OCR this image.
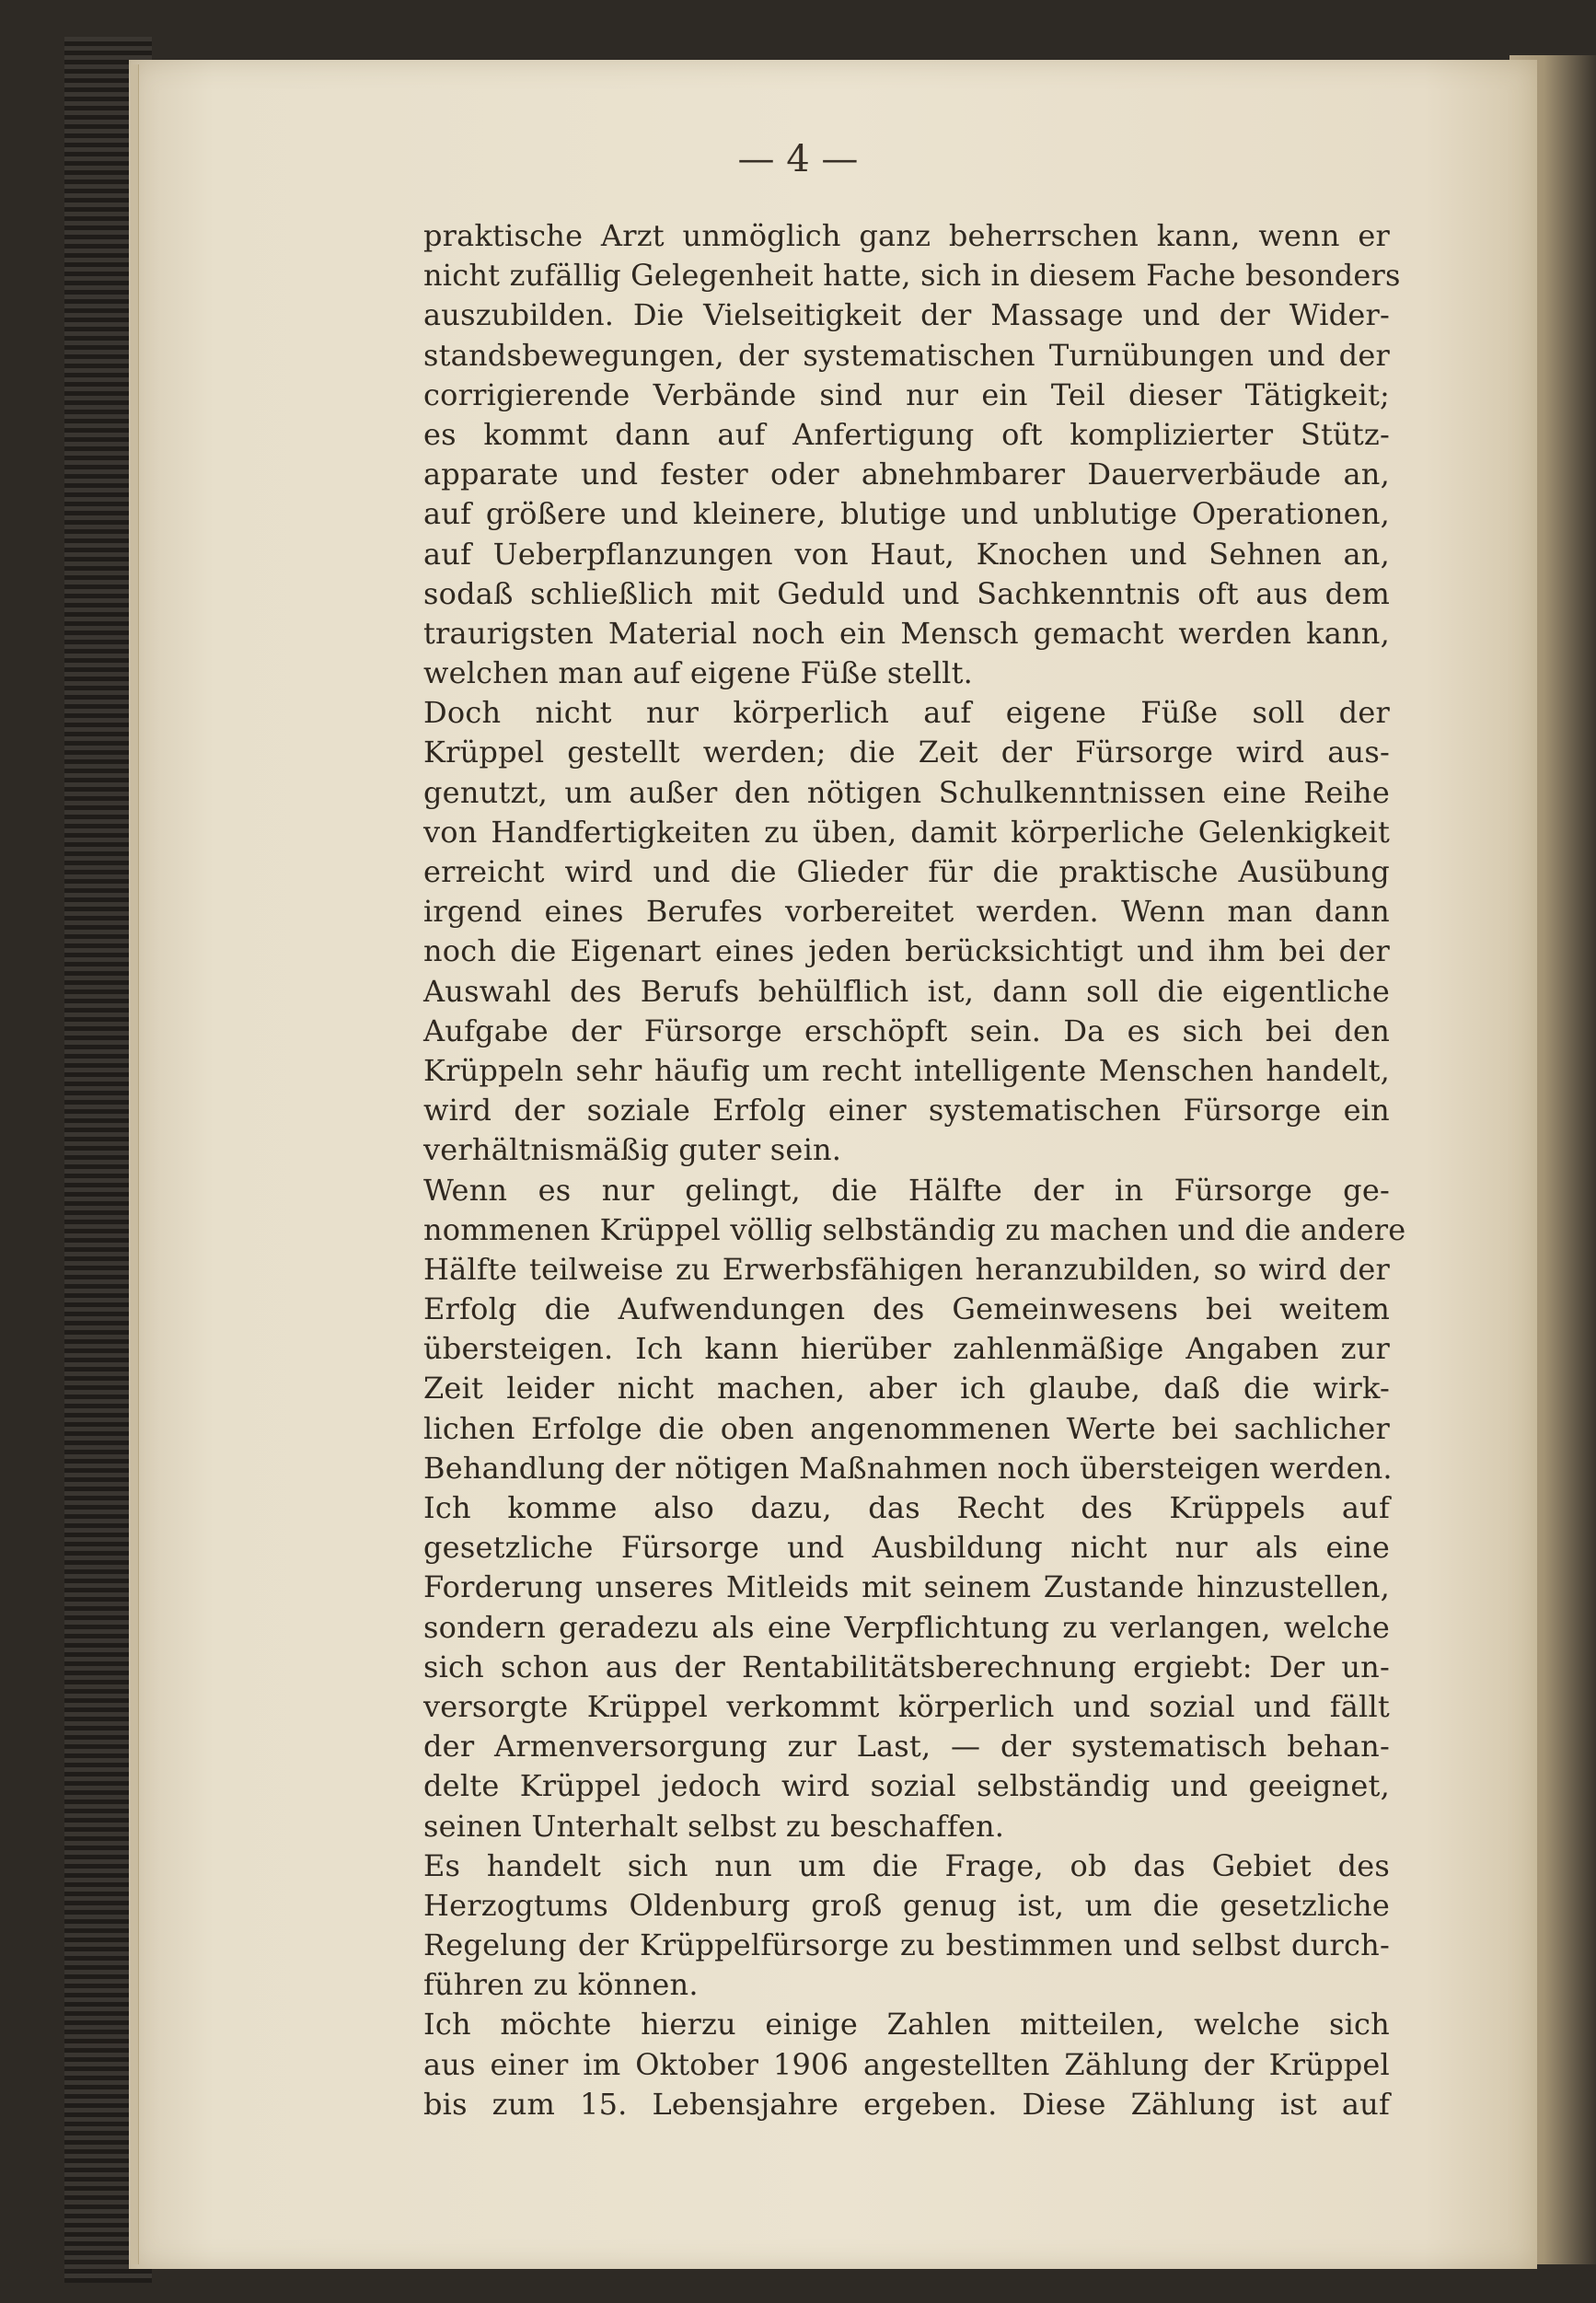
— 4 —
praktische Arzt unmöglich ganz beherrschen kann, wenn er
nicht zufällig Gelegenheit hatte, sich in diesem Fache besonders
auszubilden. Die Vielseitigkeit der Massage und der Wider-
standsbewegungen, der systematischen Turnübungen und der
corrigierende Verbände sind nur ein Teil dieser Tätigkeit;
es kommt dann auf Anfertigung oft komplizierter Stütz-
apparate und fester oder abnehmbarer Dauerverbäude an,
auf größere und kleinere, blutige und unblutige Operationen,
auf Ueberpflanzungen von Haut, Knochen und Sehnen an,
sodaß schließlich mit Geduld und Sachkenntnis oft aus dem
traurigsten Material noch ein Mensch gemacht werden kann,
welchen man auf eigene Füße stellt.
Doch nicht nur körperlich auf eigene Füße soll der
Krüppel gestellt werden; die Zeit der Fürsorge wird aus-
genutzt, um außer den nötigen Schulkenntnissen eine Reihe
von Handfertigkeiten zu üben, damit körperliche Gelenkigkeit
erreicht wird und die Glieder für die praktische Ausübung
irgend eines Berufes vorbereitet werden. Wenn man dann
noch die Eigenart eines jeden berücksichtigt und ihm bei der
Auswahl des Berufs behülflich ist, dann soll die eigentliche
Aufgabe der Fürsorge erschöpft sein. Da es sich bei den
Krüppeln sehr häufig um recht intelligente Menschen handelt,
wird der soziale Erfolg einer systematischen Fürsorge ein
verhältnismäßig guter sein.
Wenn es nur gelingt, die Hälfte der in Fürsorge ge-
nommenen Krüppel völlig selbständig zu machen und die andere
Hälfte teilweise zu Erwerbsfähigen heranzubilden, so wird der
Erfolg die Aufwendungen des Gemeinwesens bei weitem
übersteigen. Ich kann hierüber zahlenmäßige Angaben zur
Zeit leider nicht machen, aber ich glaube, daß die wirk-
lichen Erfolge die oben angenommenen Werte bei sachlicher
Behandlung der nötigen Maßnahmen noch übersteigen werden.
Ich komme also dazu, das Recht des Krüppels auf
gesetzliche Fürsorge und Ausbildung nicht nur als eine
Forderung unseres Mitleids mit seinem Zustande hinzustellen,
sondern geradezu als eine Verpflichtung zu verlangen, welche
sich schon aus der Rentabilitätsberechnung ergiebt: Der un-
versorgte Krüppel verkommt körperlich und sozial und fällt
der Armenversorgung zur Last, — der systematisch behan-
delte Krüppel jedoch wird sozial selbständig und geeignet,
seinen Unterhalt selbst zu beschaffen.
Es handelt sich nun um die Frage, ob das Gebiet des
Herzogtums Oldenburg groß genug ist, um die gesetzliche
Regelung der Krüppelfürsorge zu bestimmen und selbst durch-
führen zu können.
Ich möchte hierzu einige Zahlen mitteilen, welche sich
aus einer im Oktober 1906 angestellten Zählung der Krüppel
bis zum 15. Lebensjahre ergeben. Diese Zählung ist auf
